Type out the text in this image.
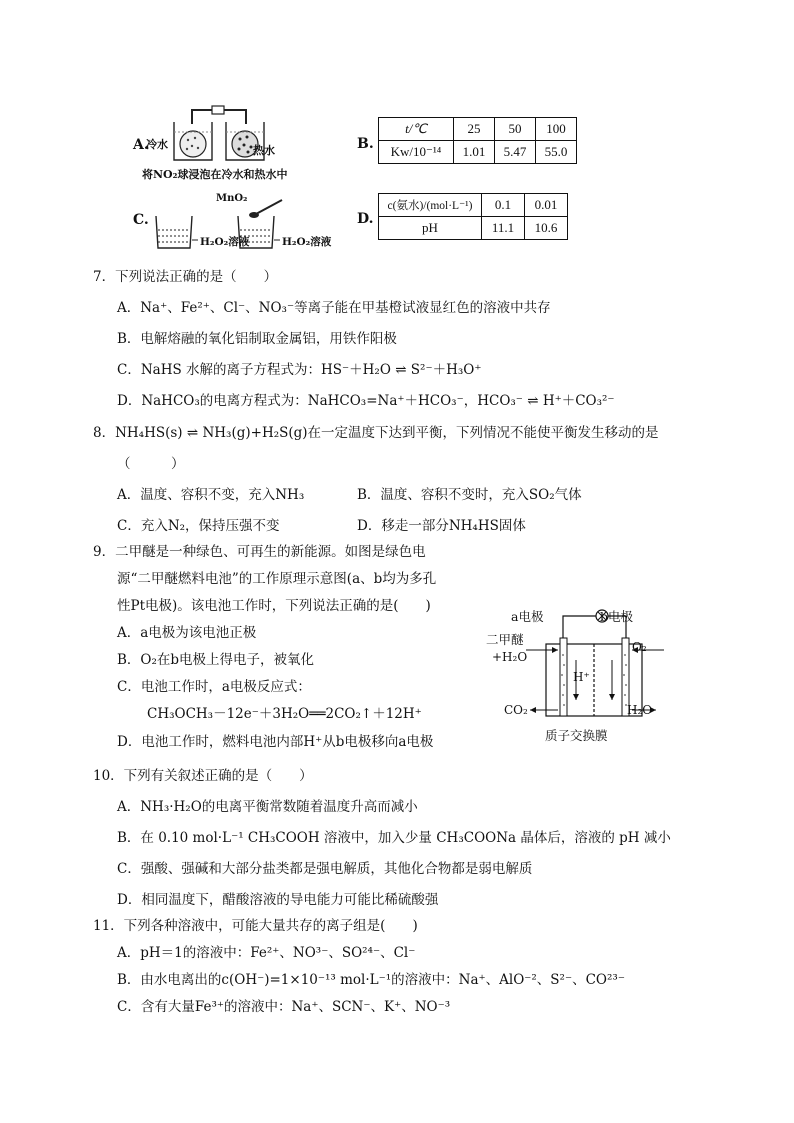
A.
冷水	热水
将NO₂球浸泡在冷水和热水中
B.
t/℃	25	50	100
Kw/10⁻¹⁴	1.01	5.47	55.0
C.
MnO₂
H₂O₂溶液	H₂O₂溶液
D.
c(氨水)/(mol·L⁻¹)	0.1	0.01
pH	11.1	10.6
7．下列说法正确的是（　　）
A．Na⁺、Fe²⁺、Cl⁻、NO₃⁻等离子能在甲基橙试液显红色的溶液中共存
B．电解熔融的氧化铝制取金属铝，用铁作阳极
C．NaHS 水解的离子方程式为：HS⁻＋H₂O ⇌ S²⁻＋H₃O⁺
D．NaHCO₃的电离方程式为：NaHCO₃=Na⁺＋HCO₃⁻，HCO₃⁻ ⇌ H⁺＋CO₃²⁻
8．NH₄HS(s) ⇌ NH₃(g)+H₂S(g)在一定温度下达到平衡，下列情况不能使平衡发生移动的是
（　　　）
A．温度、容积不变，充入NH₃	B．温度、容积不变时，充入SO₂气体
C．充入N₂，保持压强不变	D．移走一部分NH₄HS固体
9．二甲醚是一种绿色、可再生的新能源。如图是绿色电
源“二甲醚燃料电池”的工作原理示意图(a、b均为多孔
性Pt电极)。该电池工作时，下列说法正确的是(　　)
A．a电极为该电池正极
B．O₂在b电极上得电子，被氧化
C．电池工作时，a电极反应式：
CH₃OCH₃－12e⁻＋3H₂O══2CO₂↑＋12H⁺
D．电池工作时，燃料电池内部H⁺从b电极移向a电极
a电极	b电极
二甲醚
+H₂O
O₂
H⁺
CO₂	H₂O
质子交换膜
10．下列有关叙述正确的是（　　）
A．NH₃·H₂O的电离平衡常数随着温度升高而减小
B．在 0.10 mol·L⁻¹ CH₃COOH 溶液中，加入少量 CH₃COONa 晶体后，溶液的 pH 减小
C．强酸、强碱和大部分盐类都是强电解质，其他化合物都是弱电解质
D．相同温度下，醋酸溶液的导电能力可能比稀硫酸强
11．下列各种溶液中，可能大量共存的离子组是(　　)
A．pH＝1的溶液中：Fe²⁺、NO³⁻、SO²⁴⁻、Cl⁻
B．由水电离出的c(OH⁻)=1×10⁻¹³ mol·L⁻¹的溶液中：Na⁺、AlO⁻²、S²⁻、CO²³⁻
C．含有大量Fe³⁺的溶液中：Na⁺、SCN⁻、K⁺、NO⁻³
